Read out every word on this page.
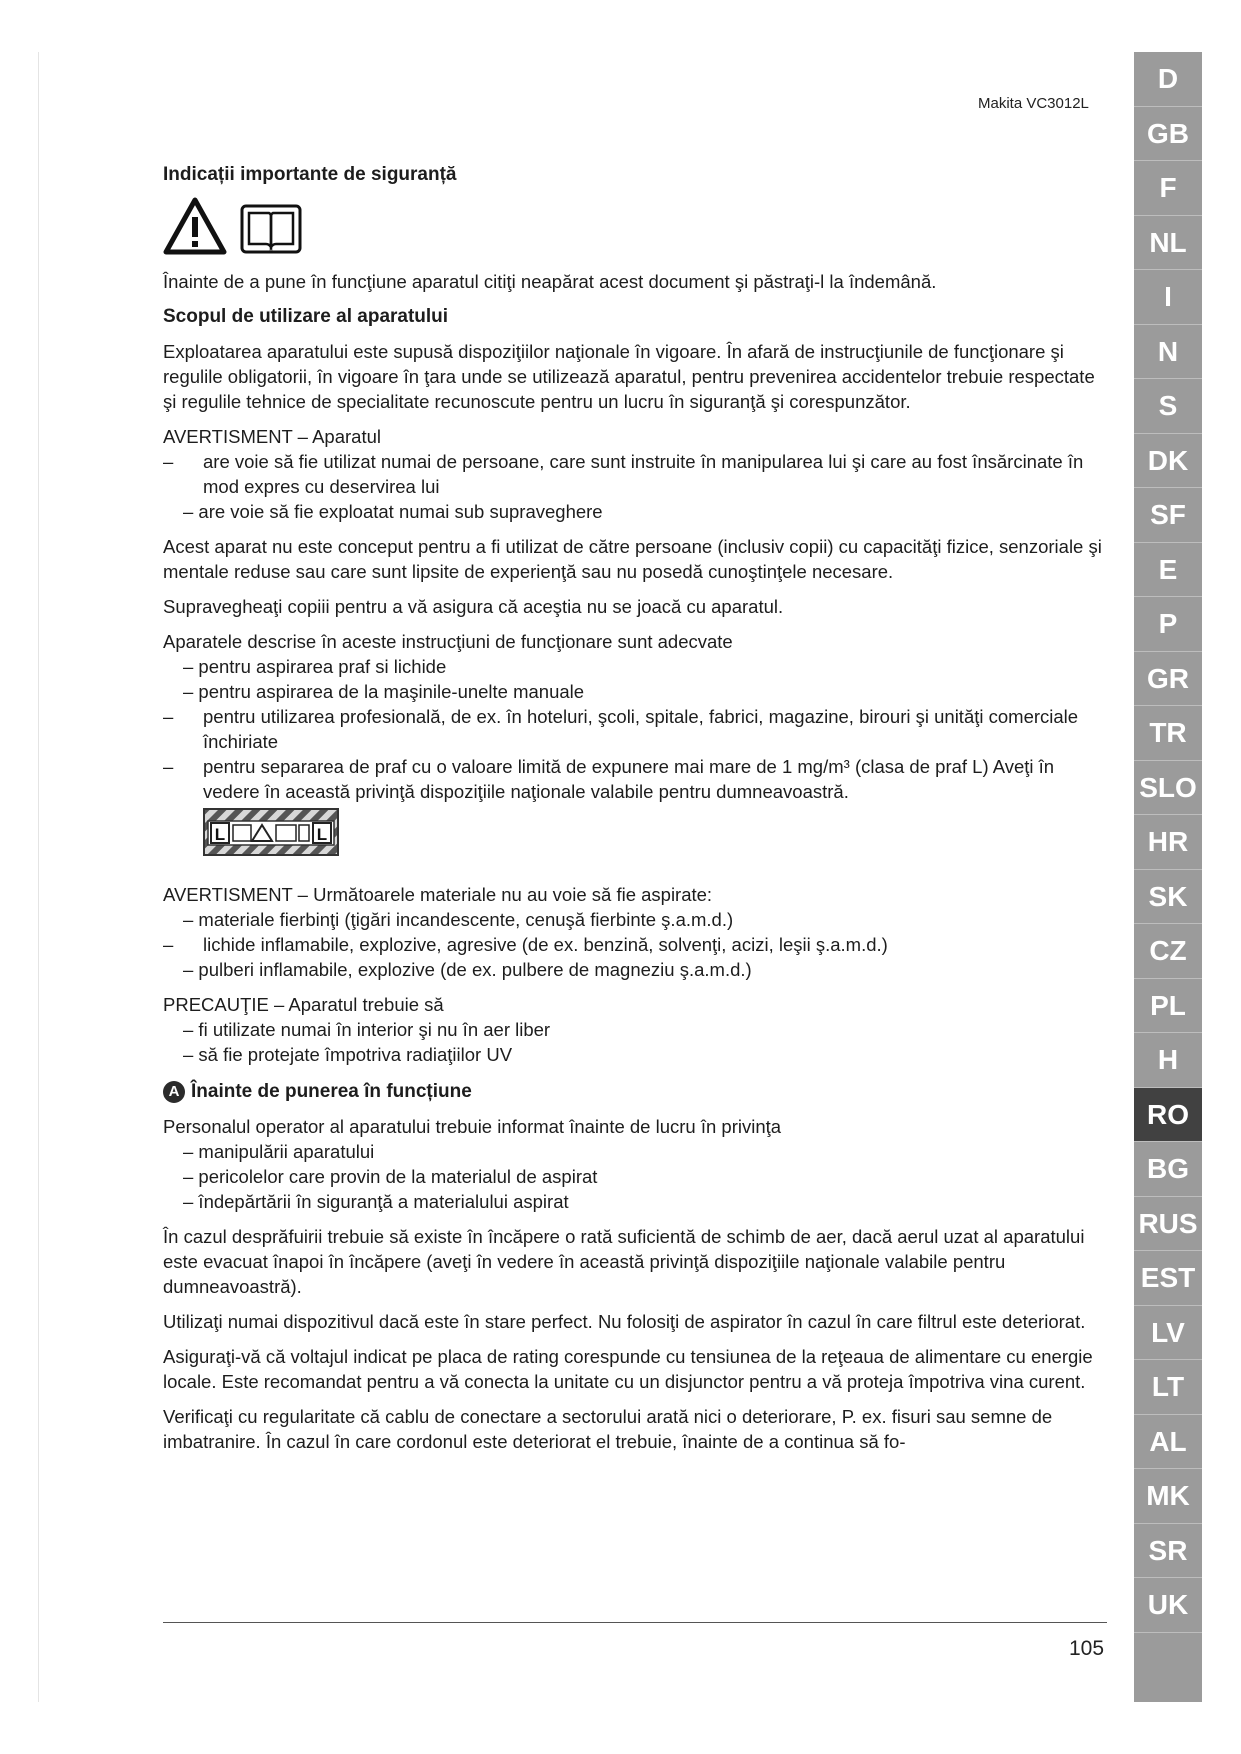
Makita VC3012L
Indicații importante de siguranță

Înainte de a pune în funcţiune aparatul citiţi neapărat acest document şi păstraţi-l la îndemână.

Scopul de utilizare al aparatului

Exploatarea aparatului este supusă dispoziţiilor naţionale în vigoare. În afară de instrucţiunile de funcţionare şi regulile obligatorii, în vigoare în ţara unde se utilizează aparatul, pentru prevenirea accidentelor trebuie respectate şi regulile tehnice de specialitate recunoscute pentru un lucru în siguranţă şi corespunzător.

AVERTISMENT – Aparatul
–	are voie să fie utilizat numai de persoane, care sunt instruite în manipularea lui şi care au fost însărcinate în mod expres cu deservirea lui
– are voie să fie exploatat numai sub supraveghere

Acest aparat nu este conceput pentru a fi utilizat de către persoane (inclusiv copii) cu capacităţi fizice, senzoriale şi mentale reduse sau care sunt lipsite de experienţă sau nu posedă cunoştinţele necesare.

Supravegheaţi copiii pentru a vă asigura că aceştia nu se joacă cu aparatul.

Aparatele descrise în aceste instrucţiuni de funcţionare sunt adecvate
– pentru aspirarea praf si lichide
– pentru aspirarea de la maşinile-unelte manuale
–	pentru utilizarea profesională, de ex. în hoteluri, şcoli, spitale, fabrici, magazine, birouri şi unităţi comerciale închiriate
–	pentru separarea de praf cu o valoare limită de expunere mai mare de 1 mg/m³ (clasa de praf L) Aveţi în vedere în această privinţă dispoziţiile naţionale valabile pentru dumneavoastră.
L	L
AVERTISMENT – Următoarele materiale nu au voie să fie aspirate:
– materiale fierbinţi (ţigări incandescente, cenuşă fierbinte ş.a.m.d.)
–	lichide inflamabile, explozive, agresive (de ex. benzină, solvenţi, acizi, leşii ş.a.m.d.)
– pulberi inflamabile, explozive (de ex. pulbere de magneziu ş.a.m.d.)
PRECAUŢIE – Aparatul trebuie să
– fi utilizate numai în interior şi nu în aer liber
– să fie protejate împotriva radiaţiilor UV
A Înainte de punerea în funcțiune
Personalul operator al aparatului trebuie informat înainte de lucru în privinţa
– manipulării aparatului
– pericolelor care provin de la materialul de aspirat
– îndepărtării în siguranţă a materialului aspirat

În cazul desprăfuirii trebuie să existe în încăpere o rată suficientă de schimb de aer, dacă aerul uzat al aparatului este evacuat înapoi în încăpere (aveţi în vedere în această privinţă dispoziţiile naţionale valabile pentru dumneavoastră).

Utilizaţi numai dispozitivul dacă este în stare perfect. Nu folosiţi de aspirator în cazul în care filtrul este deteriorat.

Asiguraţi-vă că voltajul indicat pe placa de rating corespunde cu tensiunea de la reţeaua de alimentare cu energie locale. Este recomandat pentru a vă conecta la unitate cu un disjunctor pentru a vă proteja împotriva vina curent.

Verificaţi cu regularitate că cablu de conectare a sectorului arată nici o deteriorare, P. ex. fisuri sau semne de imbatranire. În cazul în care cordonul este deteriorat el trebuie, înainte de a continua să fo-

D
GB
F
NL
I
N
S
DK
SF
E
P
GR
TR
SLO
HR
SK
CZ
PL
H
RO
BG
RUS
EST
LV
LT
AL
MK
SR
UK
105
